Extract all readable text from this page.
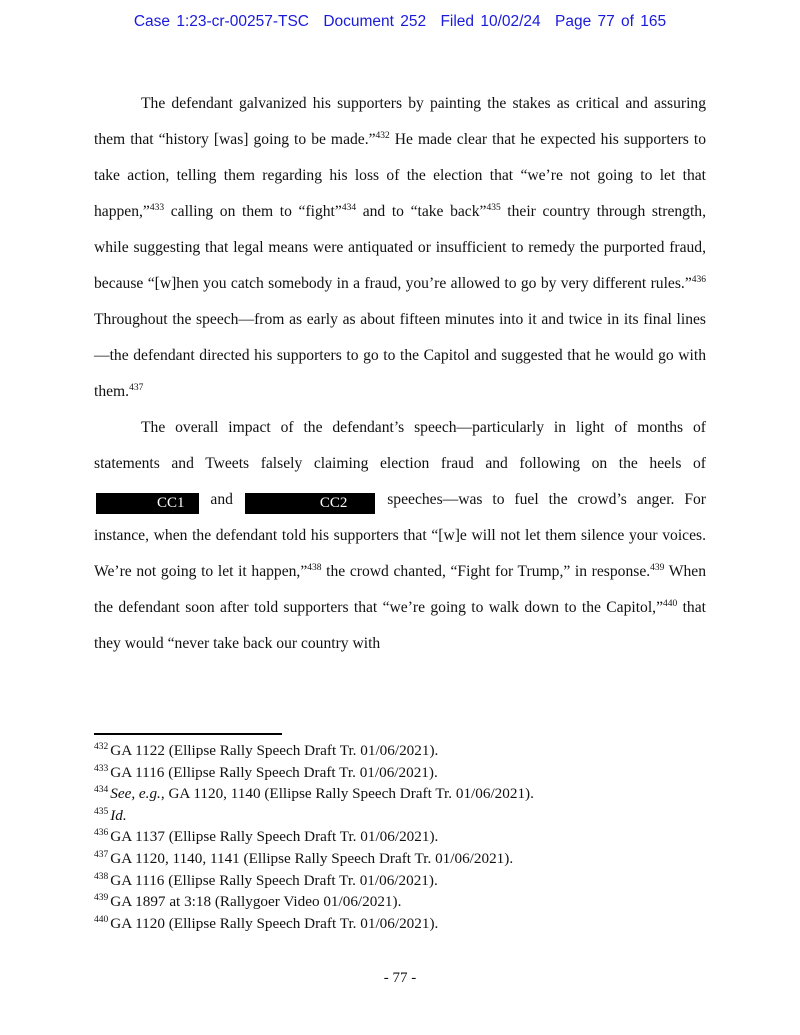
Case 1:23-cr-00257-TSC Document 252 Filed 10/02/24 Page 77 of 165

The defendant galvanized his supporters by painting the stakes as critical and assuring them that “history [was] going to be made.”$^{432}$ He made clear that he expected his supporters to take action, telling them regarding his loss of the election that “we’re not going to let that happen,”$^{433}$ calling on them to “fight”$^{434}$ and to “take back”$^{435}$ their country through strength, while suggesting that legal means were antiquated or insufficient to remedy the purported fraud, because “[w]hen you catch somebody in a fraud, you’re allowed to go by very different rules.”$^{436}$ Throughout the speech—from as early as about fifteen minutes into it and twice in its final lines—the defendant directed his supporters to go to the Capitol and suggested that he would go with them.$^{437}$

The overall impact of the defendant’s speech—particularly in light of months of statements and Tweets falsely claiming election fraud and following on the heels of CC1 and	CC2 speeches—was to fuel the crowd’s anger. For instance, when the defendant told his supporters that “[w]e will not let them silence your voices. We’re not going to let it happen,”$^{438}$ the crowd chanted, “Fight for Trump,” in response.$^{439}$ When the defendant soon after told supporters that “we’re going to walk down to the Capitol,”$^{440}$ that they would “never take back our country with

$^{432}$ GA 1122 (Ellipse Rally Speech Draft Tr. 01/06/2021).
$^{433}$ GA 1116 (Ellipse Rally Speech Draft Tr. 01/06/2021).
$^{434}$ See, e.g., GA 1120, 1140 (Ellipse Rally Speech Draft Tr. 01/06/2021).
$^{435}$ Id.
$^{436}$ GA 1137 (Ellipse Rally Speech Draft Tr. 01/06/2021).
$^{437}$ GA 1120, 1140, 1141 (Ellipse Rally Speech Draft Tr. 01/06/2021).
$^{438}$ GA 1116 (Ellipse Rally Speech Draft Tr. 01/06/2021).
$^{439}$ GA 1897 at 3:18 (Rallygoer Video 01/06/2021).
$^{440}$ GA 1120 (Ellipse Rally Speech Draft Tr. 01/06/2021).
- 77 -
